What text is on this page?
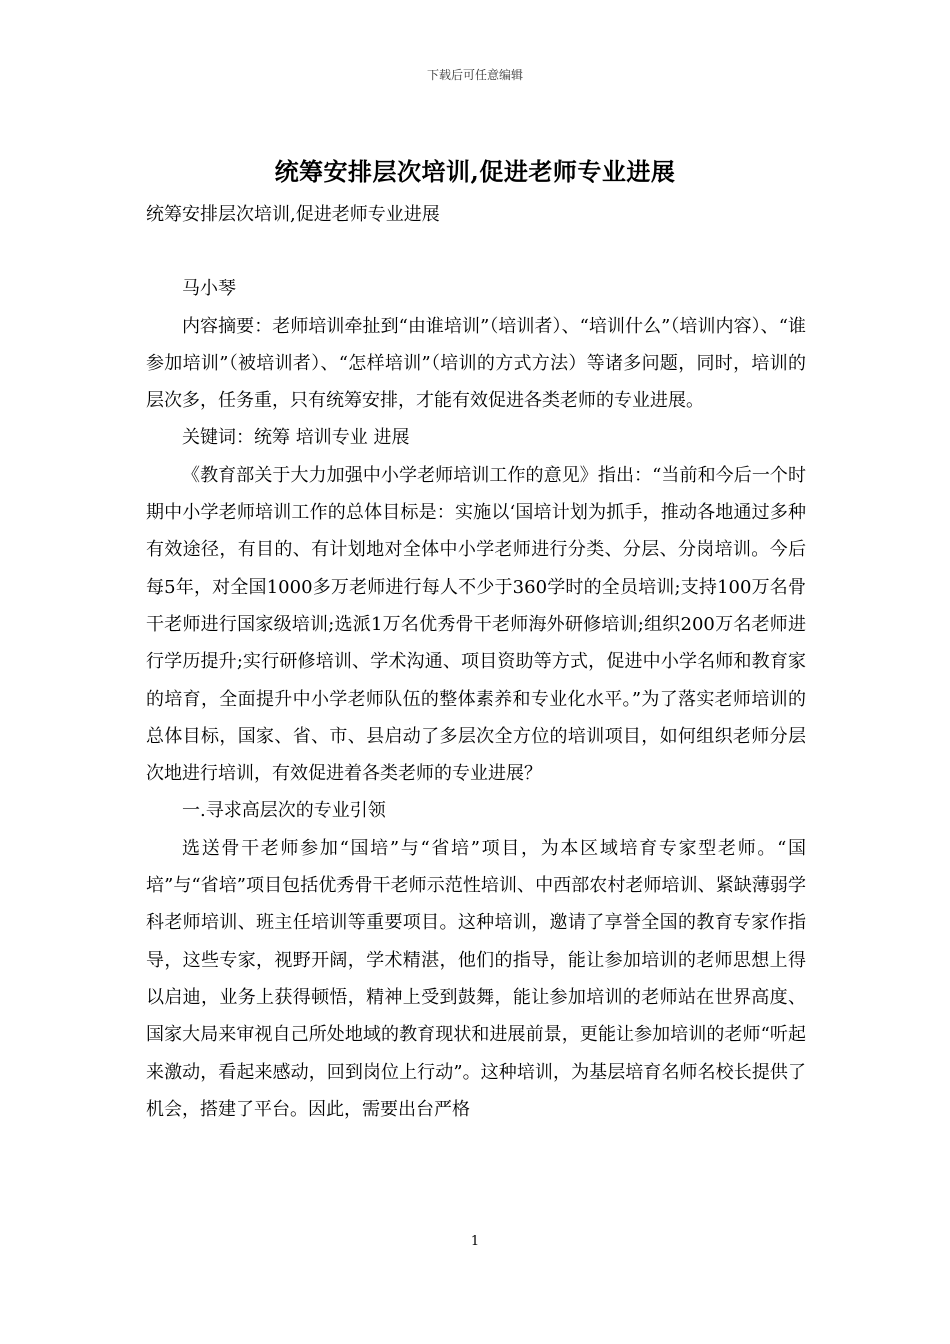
下载后可任意编辑
统筹安排层次培训,促进老师专业进展

统筹安排层次培训,促进老师专业进展

马小琴

内容摘要：老师培训牵扯到“由谁培训”（培训者）、“培训什么”（培训内容）、“谁参加培训”（被培训者）、“怎样培训”（培训的方式方法）等诸多问题，同时，培训的层次多，任务重，只有统筹安排，才能有效促进各类老师的专业进展。

关键词：统筹 培训专业 进展

《教育部关于大力加强中小学老师培训工作的意见》指出：“当前和今后一个时期中小学老师培训工作的总体目标是：实施以‘国培计划为抓手，推动各地通过多种有效途径，有目的、有计划地对全体中小学老师进行分类、分层、分岗培训。今后每5年，对全国1000多万老师进行每人不少于360学时的全员培训;支持100万名骨干老师进行国家级培训;选派1万名优秀骨干老师海外研修培训;组织200万名老师进行学历提升;实行研修培训、学术沟通、项目资助等方式，促进中小学名师和教育家的培育，全面提升中小学老师队伍的整体素养和专业化水平。”为了落实老师培训的总体目标，国家、省、市、县启动了多层次全方位的培训项目，如何组织老师分层次地进行培训，有效促进着各类老师的专业进展？

一.寻求高层次的专业引领

选送骨干老师参加“国培”与“省培”项目，为本区域培育专家型老师。“国培”与“省培”项目包括优秀骨干老师示范性培训、中西部农村老师培训、紧缺薄弱学科老师培训、班主任培训等重要项目。这种培训，邀请了享誉全国的教育专家作指导，这些专家，视野开阔，学术精湛，他们的指导，能让参加培训的老师思想上得以启迪，业务上获得顿悟，精神上受到鼓舞，能让参加培训的老师站在世界高度、国家大局来审视自己所处地域的教育现状和进展前景，更能让参加培训的老师“听起来激动，看起来感动，回到岗位上行动”。这种培训，为基层培育名师名校长提供了机会，搭建了平台。因此，需要出台严格

1
